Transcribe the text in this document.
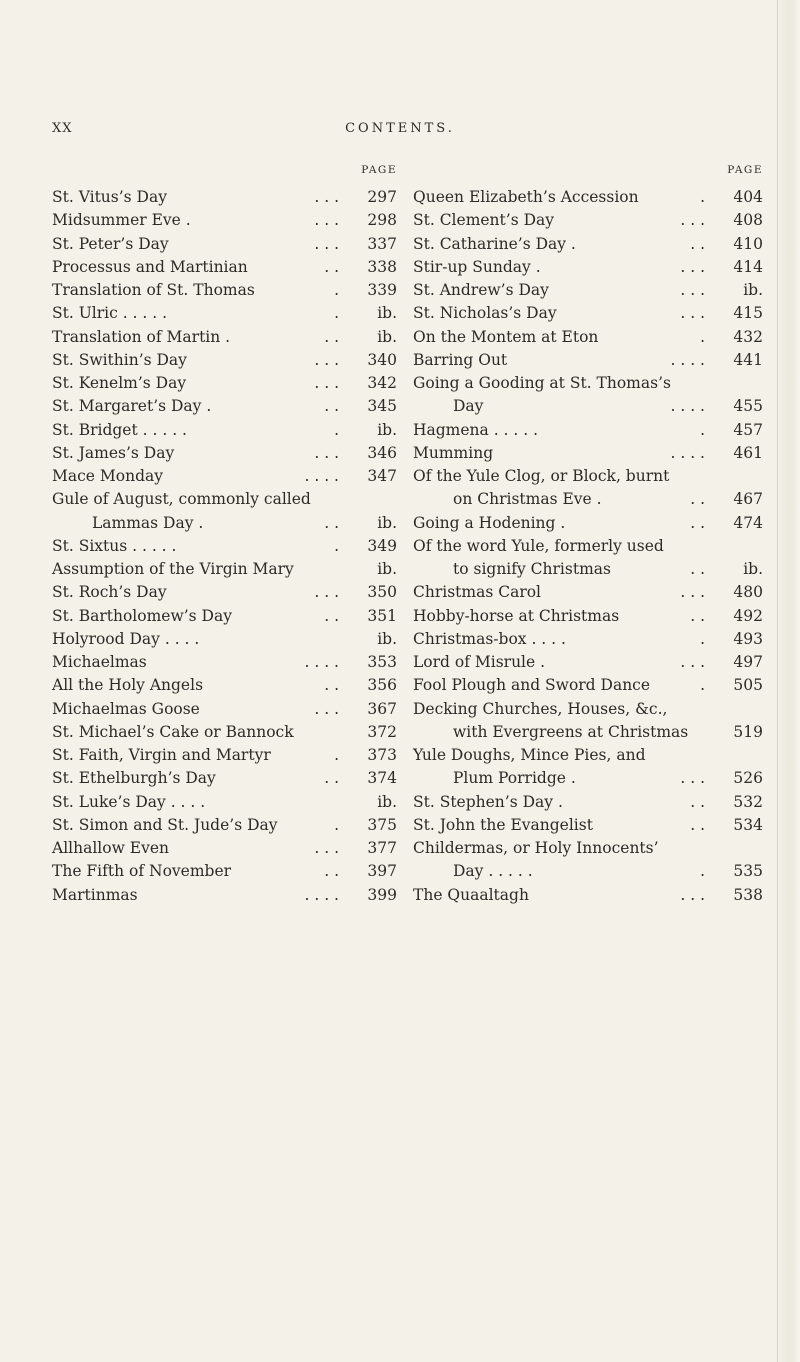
XX	CONTENTS.
PAGE
St. Vitus’s Day	. . . 297
Midsummer Eve .	. . . 298
St. Peter’s Day	. . . 337
Processus and Martinian	. . 338
Translation of St. Thomas	. 339
St. Ulric . . . . .	. ib.
Translation of Martin .	. . ib.
St. Swithin’s Day	. . . 340
St. Kenelm’s Day	. . . 342
St. Margaret’s Day .	. . 345
St. Bridget . . . . .	. ib.
St. James’s Day	. . . 346
Mace Monday	. . . . 347
Gule of August, commonly called
Lammas Day .	. . ib.
St. Sixtus . . . . .	. 349
Assumption of the Virgin Mary	ib.
St. Roch’s Day	. . . 350
St. Bartholomew’s Day	. . 351
Holyrood Day . . . .	ib.
Michaelmas	. . . . 353
All the Holy Angels	. . 356
Michaelmas Goose	. . . 367
St. Michael’s Cake or Bannock	372
St. Faith, Virgin and Martyr	. 373
St. Ethelburgh’s Day	. . 374
St. Luke’s Day . . . .	ib.
St. Simon and St. Jude’s Day	. 375
Allhallow Even	. . . 377
The Fifth of November	. . 397
Martinmas	. . . . 399
PAGE
Queen Elizabeth’s Accession	. 404
St. Clement’s Day	. . . 408
St. Catharine’s Day .	. . 410
Stir-up Sunday .	. . . 414
St. Andrew’s Day	. . . ib.
St. Nicholas’s Day	. . . 415
On the Montem at Eton	. 432
Barring Out	. . . . 441
Going a Gooding at St. Thomas’s
Day	. . . . 455
Hagmena . . . . .	. 457
Mumming	. . . . 461
Of the Yule Clog, or Block, burnt
on Christmas Eve .	. . 467
Going a Hodening .	. . 474
Of the word Yule, formerly used
to signify Christmas	. . ib.
Christmas Carol	. . . 480
Hobby-horse at Christmas	. . 492
Christmas-box . . . .	. 493
Lord of Misrule .	. . . 497
Fool Plough and Sword Dance	. 505
Decking Churches, Houses, &c.,
with Evergreens at Christmas	519
Yule Doughs, Mince Pies, and
Plum Porridge .	. . . 526
St. Stephen’s Day .	. . 532
St. John the Evangelist	. . 534
Childermas, or Holy Innocents’
Day . . . . .	. 535
The Quaaltagh	. . . 538
